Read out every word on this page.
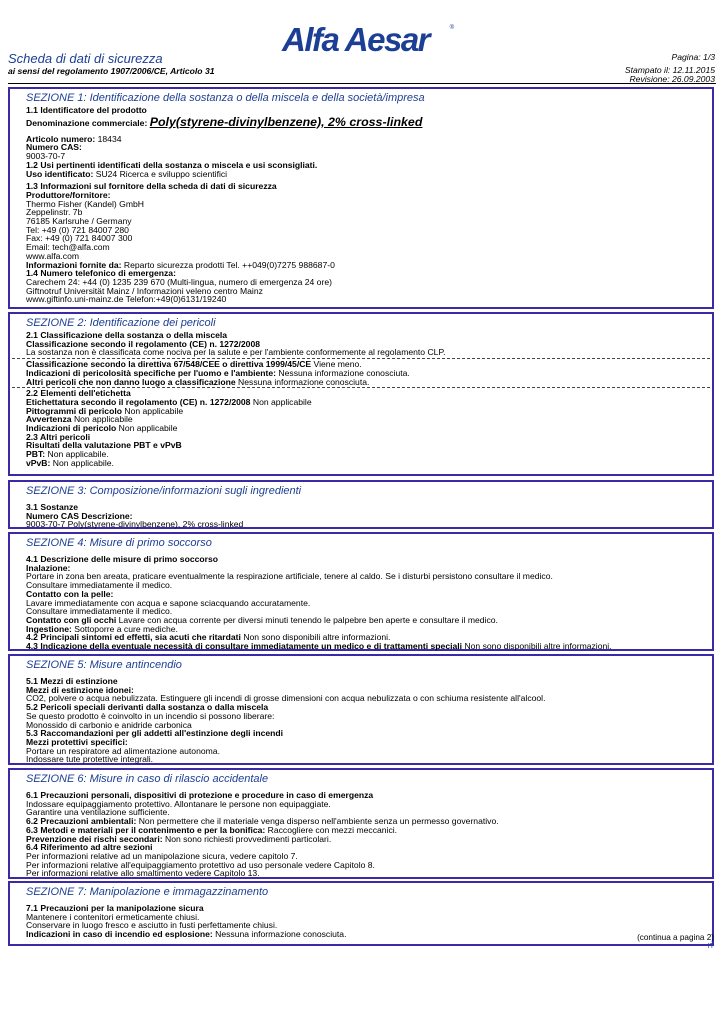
Alfa Aesar	®
Scheda di dati di sicurezza
ai sensi del regolamento 1907/2006/CE, Articolo 31
Pagina: 1/3
Stampato il: 12.11.2015
Revisione: 26.09.2003
SEZIONE 1: Identificazione della sostanza o della miscela e della società/impresa
1.1 Identificatore del prodotto
Denominazione commerciale: Poly(styrene-divinylbenzene), 2% cross-linked
Articolo numero: 18434
Numero CAS:
9003-70-7
1.2 Usi pertinenti identificati della sostanza o miscela e usi sconsigliati.
Uso identificato: SU24 Ricerca e sviluppo scientifici
1.3 Informazioni sul fornitore della scheda di dati di sicurezza
Produttore/fornitore:
Thermo Fisher (Kandel) GmbH
Zeppelinstr. 7b
76185 Karlsruhe / Germany
Tel: +49 (0) 721 84007 280
Fax: +49 (0) 721 84007 300
Email: tech@alfa.com
www.alfa.com
Informazioni fornite da: Reparto sicurezza prodotti Tel. ++049(0)7275 988687-0
1.4 Numero telefonico di emergenza:
Carechem 24: +44 (0) 1235 239 670 (Multi-lingua, numero di emergenza 24 ore)
Giftnotruf Universität Mainz / Informazioni veleno centro Mainz
www.giftinfo.uni-mainz.de Telefon:+49(0)6131/19240
SEZIONE 2: Identificazione dei pericoli
2.1 Classificazione della sostanza o della miscela
Classificazione secondo il regolamento (CE) n. 1272/2008
La sostanza non è classificata come nociva per la salute e per l'ambiente conformemente al regolamento CLP.
Classificazione secondo la direttiva 67/548/CEE o direttiva 1999/45/CE Viene meno.
Indicazioni di pericolosità specifiche per l'uomo e l'ambiente: Nessuna informazione conosciuta.
Altri pericoli che non danno luogo a classificazione Nessuna informazione conosciuta.
2.2 Elementi dell'etichetta
Etichettatura secondo il regolamento (CE) n. 1272/2008 Non applicabile
Pittogrammi di pericolo Non applicabile
Avvertenza Non applicabile
Indicazioni di pericolo Non applicabile
2.3 Altri pericoli
Risultati della valutazione PBT e vPvB
PBT: Non applicabile.
vPvB: Non applicabile.
SEZIONE 3: Composizione/informazioni sugli ingredienti
3.1 Sostanze
Numero CAS Descrizione:
9003-70-7 Poly(styrene-divinylbenzene), 2% cross-linked
SEZIONE 4: Misure di primo soccorso
4.1 Descrizione delle misure di primo soccorso
Inalazione:
Portare in zona ben areata, praticare eventualmente la respirazione artificiale, tenere al caldo. Se i disturbi persistono consultare il medico.
Consultare immediatamente il medico.
Contatto con la pelle:
Lavare immediatamente con acqua e sapone sciacquando accuratamente.
Consultare immediatamente il medico.
Contatto con gli occhi Lavare con acqua corrente per diversi minuti tenendo le palpebre ben aperte e consultare il medico.
Ingestione: Sottoporre a cure mediche.
4.2 Principali sintomi ed effetti, sia acuti che ritardati Non sono disponibili altre informazioni.
4.3 Indicazione della eventuale necessità di consultare immediatamente un medico e di trattamenti speciali Non sono disponibili altre informazioni.
SEZIONE 5: Misure antincendio
5.1 Mezzi di estinzione
Mezzi di estinzione idonei:
CO2, polvere o acqua nebulizzata. Estinguere gli incendi di grosse dimensioni con acqua nebulizzata o con schiuma resistente all'alcool.
5.2 Pericoli speciali derivanti dalla sostanza o dalla miscela
Se questo prodotto è coinvolto in un incendio si possono liberare:
Monossido di carbonio e anidride carbonica
5.3 Raccomandazioni per gli addetti all'estinzione degli incendi
Mezzi protettivi specifici:
Portare un respiratore ad alimentazione autonoma.
Indossare tute protettive integrali.
SEZIONE 6: Misure in caso di rilascio accidentale
6.1 Precauzioni personali, dispositivi di protezione e procedure in caso di emergenza
Indossare equipaggiamento protettivo. Allontanare le persone non equipaggiate.
Garantire una ventilazione sufficiente.
6.2 Precauzioni ambientali: Non permettere che il materiale venga disperso nell'ambiente senza un permesso governativo.
6.3 Metodi e materiali per il contenimento e per la bonifica: Raccogliere con mezzi meccanici.
Prevenzione dei rischi secondari: Non sono richiesti provvedimenti particolari.
6.4 Riferimento ad altre sezioni
Per informazioni relative ad un manipolazione sicura, vedere capitolo 7.
Per informazioni relative all'equipaggiamento protettivo ad uso personale vedere Capitolo 8.
Per informazioni relative allo smaltimento vedere Capitolo 13.
SEZIONE 7: Manipolazione e immagazzinamento
7.1 Precauzioni per la manipolazione sicura
Mantenere i contenitori ermeticamente chiusi.
Conservare in luogo fresco e asciutto in fusti perfettamente chiusi.
Indicazioni in caso di incendio ed esplosione: Nessuna informazione conosciuta.	(continua a pagina 2)
IT
